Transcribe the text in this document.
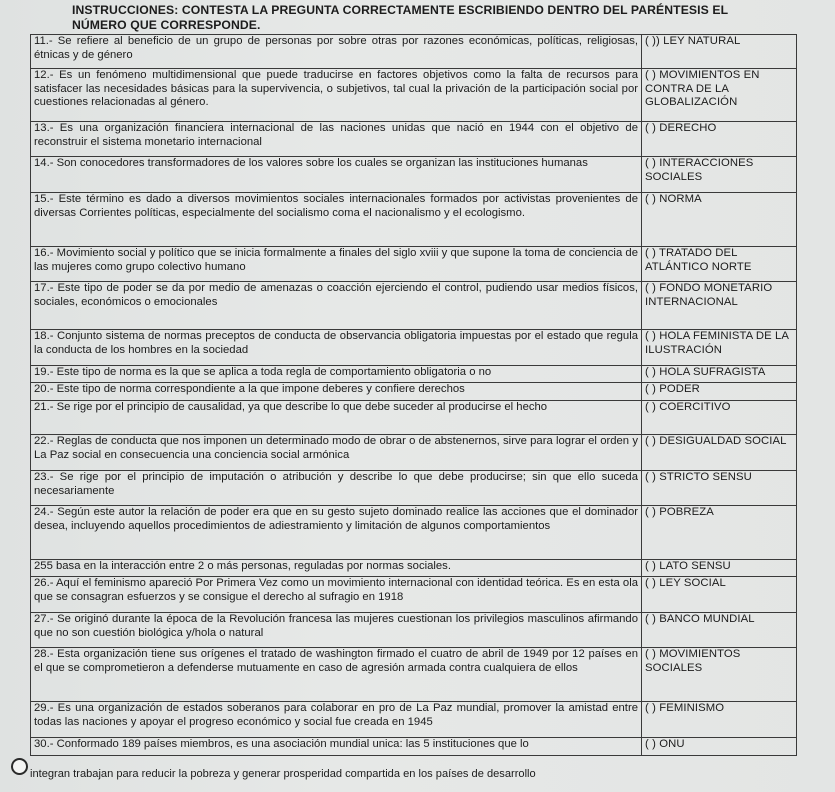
INSTRUCCIONES: CONTESTA LA PREGUNTA CORRECTAMENTE ESCRIBIENDO DENTRO DEL PARÉNTESIS EL NÚMERO QUE CORRESPONDE.
11.- Se refiere al beneficio de un grupo de personas por sobre otras por razones económicas, políticas, religiosas, étnicas y de género	( )) LEY NATURAL
12.- Es un fenómeno multidimensional que puede traducirse en factores objetivos como la falta de recursos para satisfacer las necesidades básicas para la supervivencia, o subjetivos, tal cual la privación de la participación social por cuestiones relacionadas al género.	( ) MOVIMIENTOS EN CONTRA DE LA GLOBALIZACIÓN
13.- Es una organización financiera internacional de las naciones unidas que nació en 1944 con el objetivo de reconstruir el sistema monetario internacional	( ) DERECHO
14.- Son conocedores transformadores de los valores sobre los cuales se organizan las instituciones humanas	( ) INTERACCIONES SOCIALES
15.- Este término es dado a diversos movimientos sociales internacionales formados por activistas provenientes de diversas Corrientes políticas, especialmente del socialismo coma el nacionalismo y el ecologismo.	( ) NORMA
16.- Movimiento social y político que se inicia formalmente a finales del siglo xviii y que supone la toma de conciencia de las mujeres como grupo colectivo humano	( ) TRATADO DEL ATLÁNTICO NORTE
17.- Este tipo de poder se da por medio de amenazas o coacción ejerciendo el control, pudiendo usar medios físicos, sociales, económicos o emocionales	( ) FONDO MONETARIO INTERNACIONAL
18.- Conjunto sistema de normas preceptos de conducta de observancia obligatoria impuestas por el estado que regula la conducta de los hombres en la sociedad	( ) HOLA FEMINISTA DE LA ILUSTRACIÓN
19.- Este tipo de norma es la que se aplica a toda regla de comportamiento obligatoria o no	( ) HOLA SUFRAGISTA
20.- Este tipo de norma correspondiente a la que impone deberes y confiere derechos	( ) PODER
21.- Se rige por el principio de causalidad, ya que describe lo que debe suceder al producirse el hecho	( ) COERCITIVO
22.- Reglas de conducta que nos imponen un determinado modo de obrar o de abstenernos, sirve para lograr el orden y La Paz social en consecuencia una conciencia social armónica	( ) DESIGUALDAD SOCIAL
23.- Se rige por el principio de imputación o atribución y describe lo que debe producirse; sin que ello suceda necesariamente	( ) STRICTO SENSU
24.- Según este autor la relación de poder era que en su gesto sujeto dominado realice las acciones que el dominador desea, incluyendo aquellos procedimientos de adiestramiento y limitación de algunos comportamientos	( ) POBREZA
255 basa en la interacción entre 2 o más personas, reguladas por normas sociales.	( ) LATO SENSU
26.- Aquí el feminismo apareció Por Primera Vez como un movimiento internacional con identidad teórica. Es en esta ola que se consagran esfuerzos y se consigue el derecho al sufragio en 1918	( ) LEY SOCIAL
27.- Se originó durante la época de la Revolución francesa las mujeres cuestionan los privilegios masculinos afirmando que no son cuestión biológica y/hola o natural	( ) BANCO MUNDIAL
28.- Esta organización tiene sus orígenes el tratado de washington firmado el cuatro de abril de 1949 por 12 países en el que se comprometieron a defenderse mutuamente en caso de agresión armada contra cualquiera de ellos	( ) MOVIMIENTOS SOCIALES
29.- Es una organización de estados soberanos para colaborar en pro de La Paz mundial, promover la amistad entre todas las naciones y apoyar el progreso económico y social fue creada en 1945	( ) FEMINISMO
30.- Conformado 189 países miembros, es una asociación mundial unica: las 5 instituciones que lo	( ) ONU
integran trabajan para reducir la pobreza y generar prosperidad compartida en los países de desarrollo
